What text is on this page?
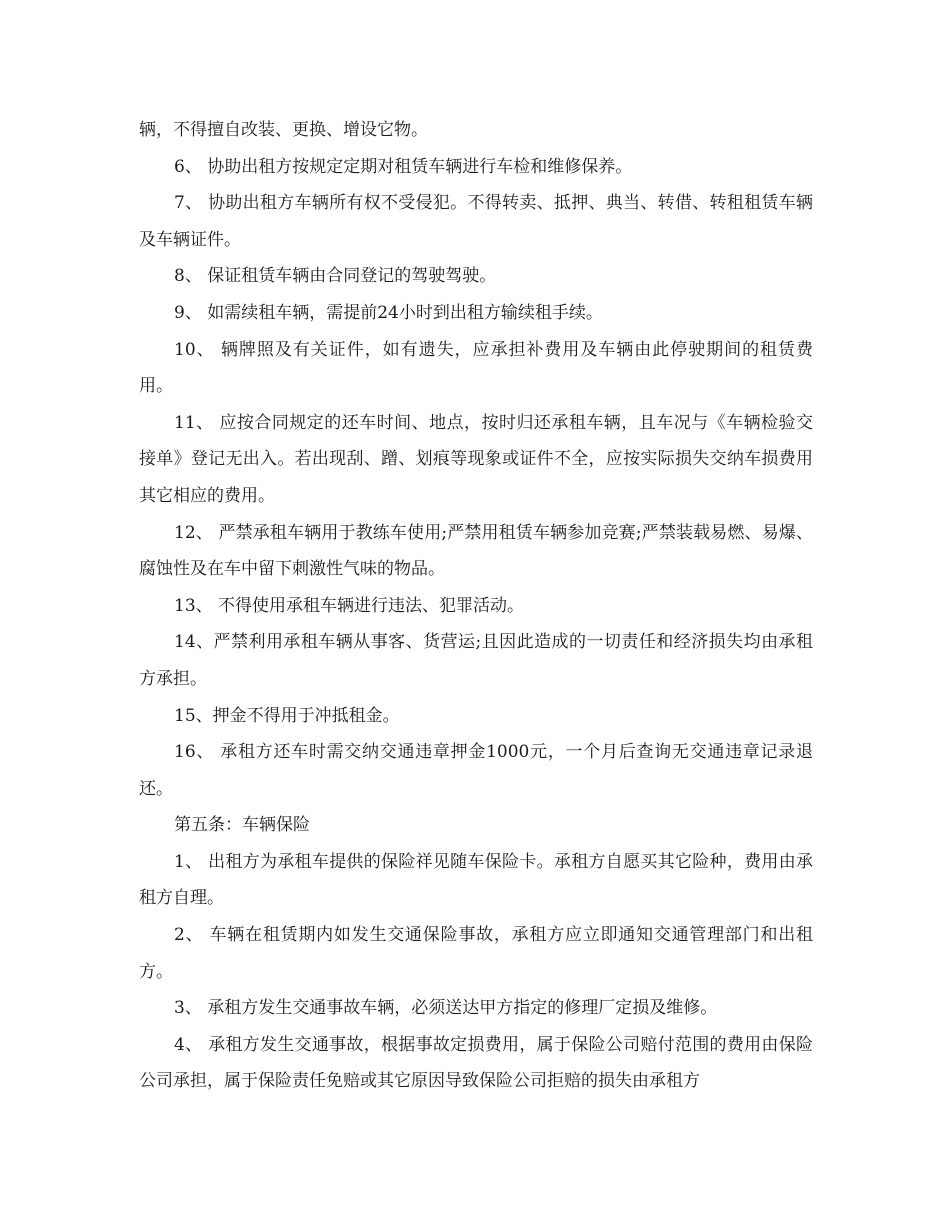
辆，不得擅自改装、更换、增设它物。

6、 协助出租方按规定定期对租赁车辆进行车检和维修保养。

7、 协助出租方车辆所有权不受侵犯。不得转卖、抵押、典当、转借、转租租赁车辆及车辆证件。

8、 保证租赁车辆由合同登记的驾驶驾驶。

9、 如需续租车辆，需提前24小时到出租方输续租手续。

10、 辆牌照及有关证件，如有遗失，应承担补费用及车辆由此停驶期间的租赁费用。

11、 应按合同规定的还车时间、地点，按时归还承租车辆，且车况与《车辆检验交接单》登记无出入。若出现刮、蹭、划痕等现象或证件不全，应按实际损失交纳车损费用其它相应的费用。

12、 严禁承租车辆用于教练车使用;严禁用租赁车辆参加竞赛;严禁装载易燃、易爆、腐蚀性及在车中留下刺激性气味的物品。

13、 不得使用承租车辆进行违法、犯罪活动。

14、严禁利用承租车辆从事客、货营运;且因此造成的一切责任和经济损失均由承租方承担。

15、押金不得用于冲抵租金。

16、 承租方还车时需交纳交通违章押金1000元，一个月后查询无交通违章记录退还。

第五条：车辆保险

1、 出租方为承租车提供的保险祥见随车保险卡。承租方自愿买其它险种，费用由承租方自理。

2、 车辆在租赁期内如发生交通保险事故，承租方应立即通知交通管理部门和出租方。

3、 承租方发生交通事故车辆，必须送达甲方指定的修理厂定损及维修。

4、 承租方发生交通事故，根据事故定损费用，属于保险公司赔付范围的费用由保险公司承担，属于保险责任免赔或其它原因导致保险公司拒赔的损失由承租方
